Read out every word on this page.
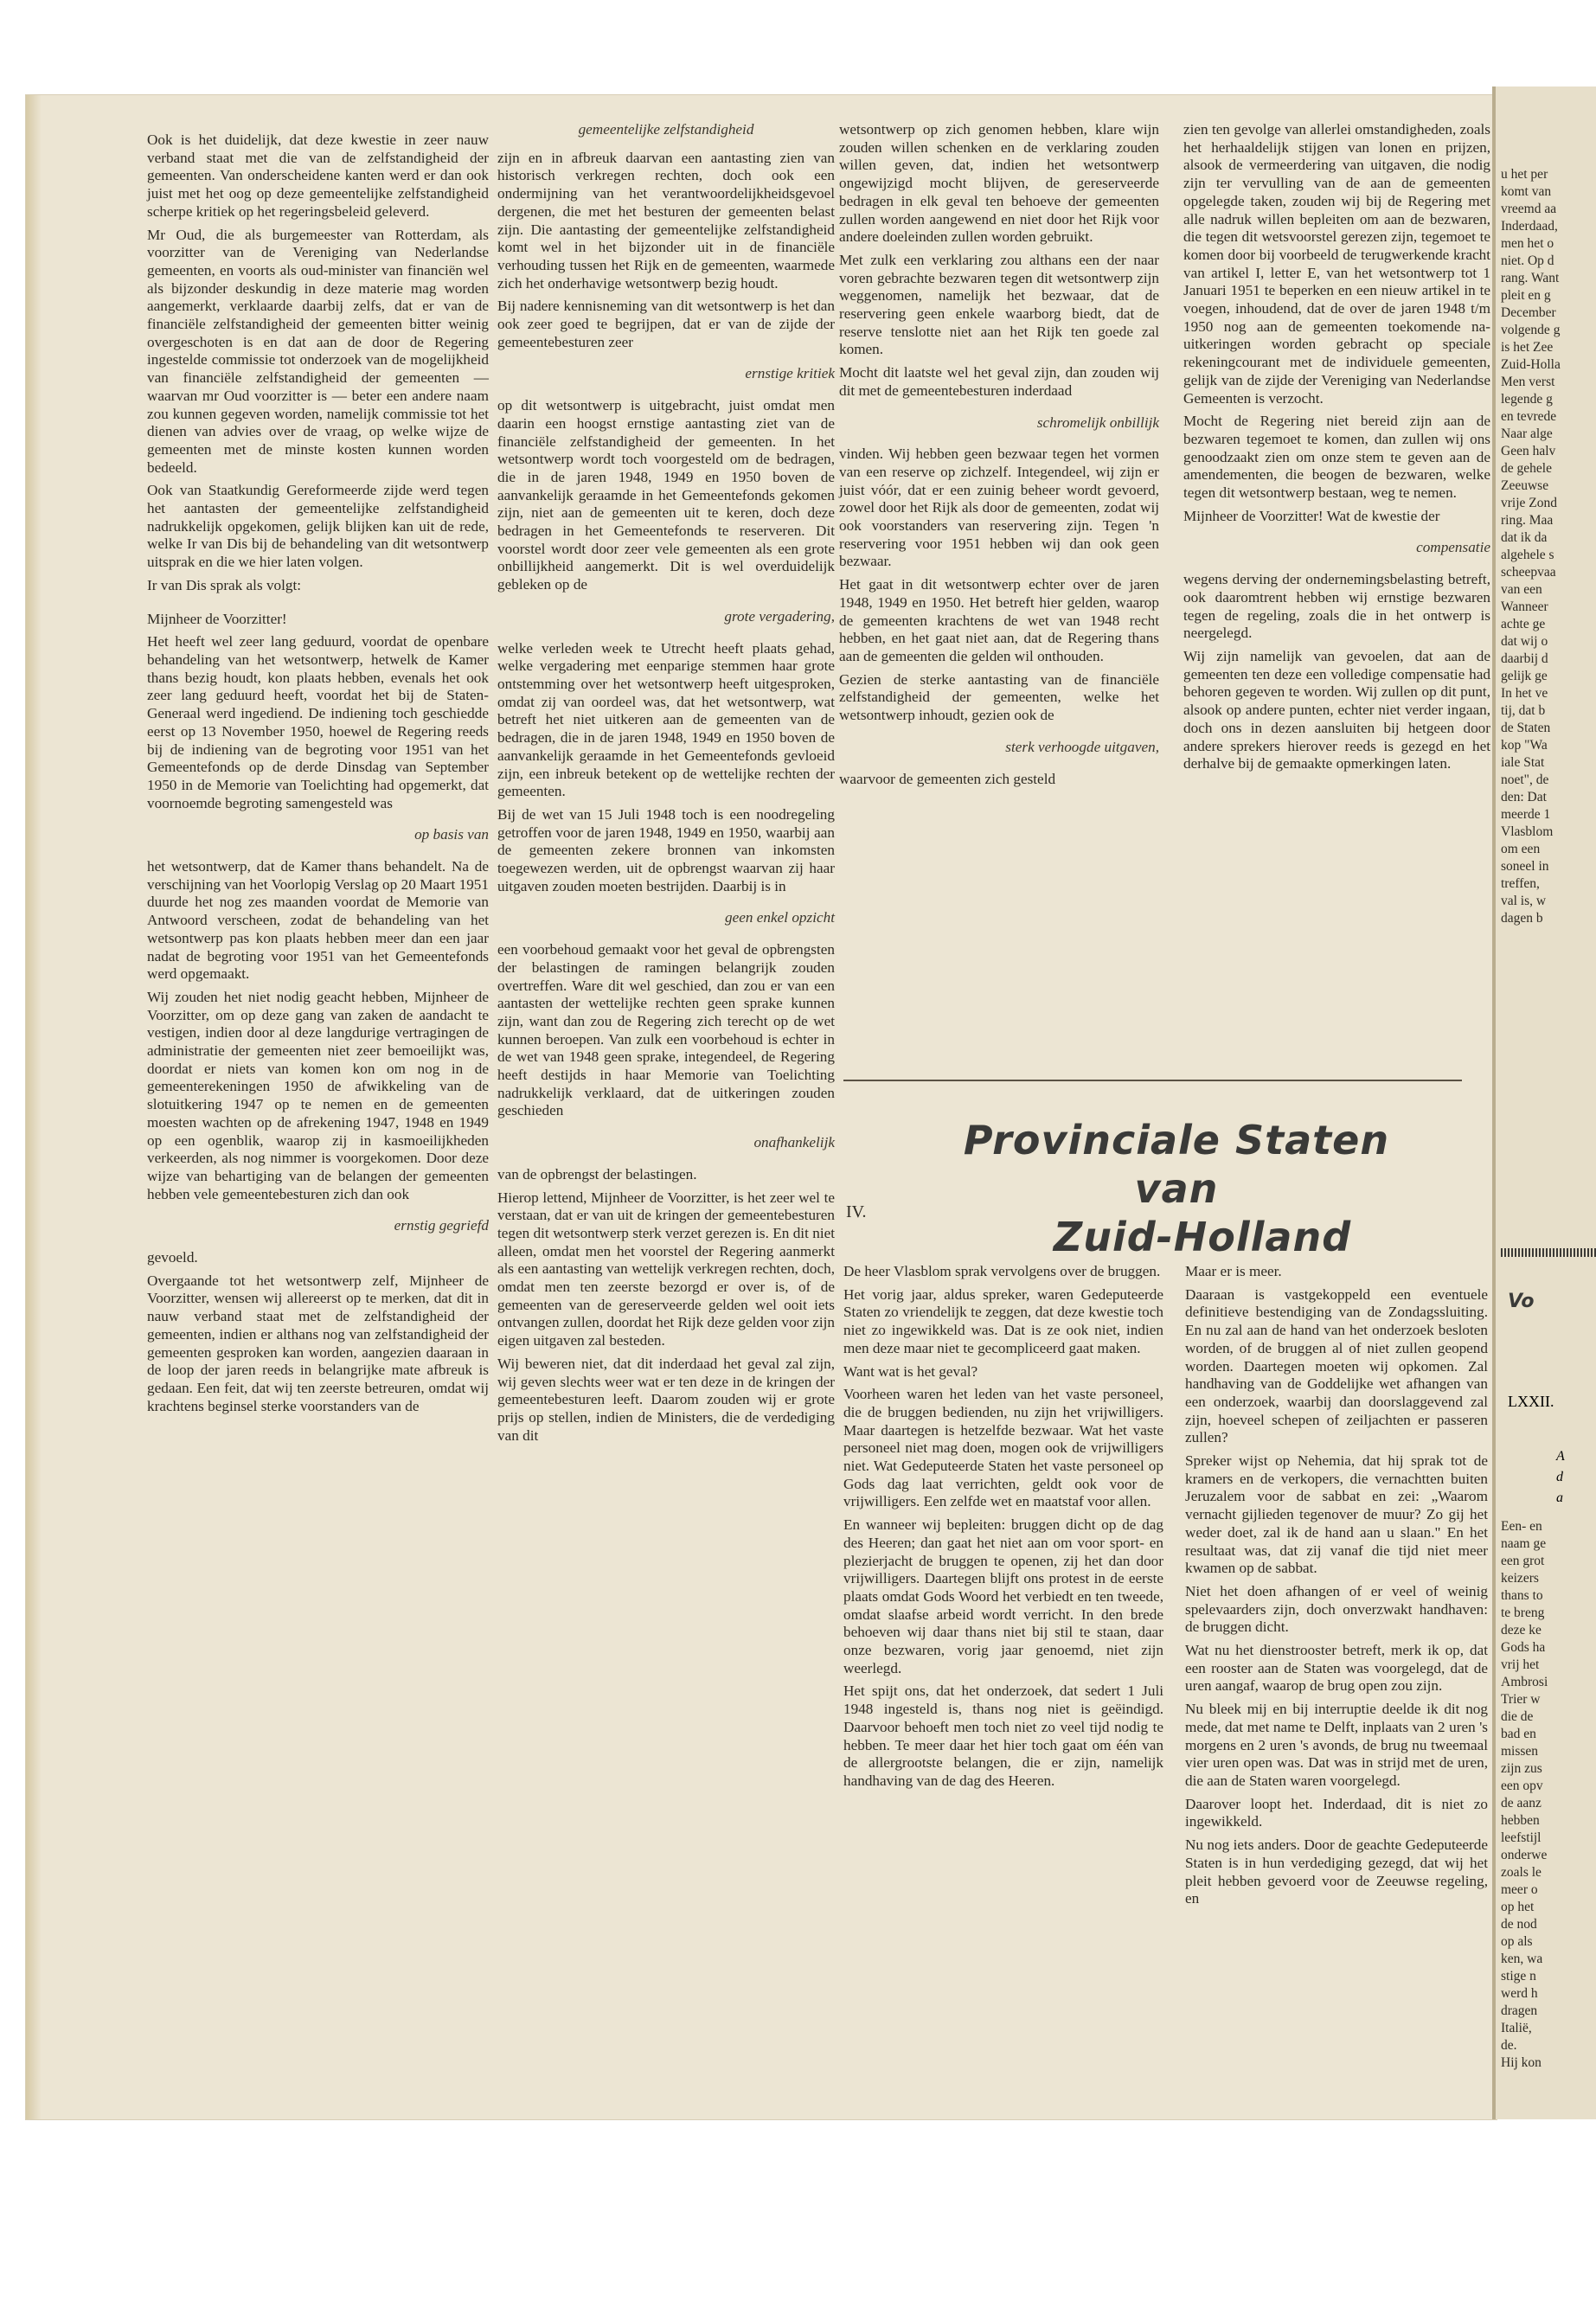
Ook is het duidelijk, dat deze kwestie in zeer nauw verband staat met die van de zelfstandigheid der gemeenten. Van onderscheidene kanten werd er dan ook juist met het oog op deze gemeentelijke zelfstandigheid scherpe kritiek op het regeringsbeleid geleverd.

Mr Oud, die als burgemeester van Rotterdam, als voorzitter van de Vereniging van Nederlandse gemeenten, en voorts als oud-minister van financiën wel als bijzonder deskundig in deze materie mag worden aangemerkt, verklaarde daarbij zelfs, dat er van de financiële zelfstandigheid der gemeenten bitter weinig overgeschoten is en dat aan de door de Regering ingestelde commissie tot onderzoek van de mogelijkheid van financiële zelfstandigheid der gemeenten — waarvan mr Oud voorzitter is — beter een andere naam zou kunnen gegeven worden, namelijk commissie tot het dienen van advies over de vraag, op welke wijze de gemeenten met de minste kosten kunnen worden bedeeld.

Ook van Staatkundig Gereformeerde zijde werd tegen het aantasten der gemeentelijke zelfstandigheid nadrukkelijk opgekomen, gelijk blijken kan uit de rede, welke Ir van Dis bij de behandeling van dit wetsontwerp uitsprak en die we hier laten volgen.

Ir van Dis sprak als volgt:

Mijnheer de Voorzitter!

Het heeft wel zeer lang geduurd, voordat de openbare behandeling van het wetsontwerp, hetwelk de Kamer thans bezig houdt, kon plaats hebben, evenals het ook zeer lang geduurd heeft, voordat het bij de Staten-Generaal werd ingediend. De indiening toch geschiedde eerst op 13 November 1950, hoewel de Regering reeds bij de indiening van de begroting voor 1951 van het Gemeentefonds op de derde Dinsdag van September 1950 in de Memorie van Toelichting had opgemerkt, dat voornoemde begroting samengesteld was

op basis van

het wetsontwerp, dat de Kamer thans behandelt. Na de verschijning van het Voorlopig Verslag op 20 Maart 1951 duurde het nog zes maanden voordat de Memorie van Antwoord verscheen, zodat de behandeling van het wetsontwerp pas kon plaats hebben meer dan een jaar nadat de begroting voor 1951 van het Gemeentefonds werd opgemaakt.

Wij zouden het niet nodig geacht hebben, Mijnheer de Voorzitter, om op deze gang van zaken de aandacht te vestigen, indien door al deze langdurige vertragingen de administratie der gemeenten niet zeer bemoeilijkt was, doordat er niets van komen kon om nog in de gemeenterekeningen 1950 de afwikkeling van de slotuitkering 1947 op te nemen en de gemeenten moesten wachten op de afrekening 1947, 1948 en 1949 op een ogenblik, waarop zij in kasmoeilijkheden verkeerden, als nog nimmer is voorgekomen. Door deze wijze van behartiging van de belangen der gemeenten hebben vele gemeentebesturen zich dan ook

ernstig gegriefd

gevoeld.

Overgaande tot het wetsontwerp zelf, Mijnheer de Voorzitter, wensen wij allereerst op te merken, dat dit in nauw verband staat met de zelfstandigheid der gemeenten, indien er althans nog van zelfstandigheid der gemeenten gesproken kan worden, aangezien daaraan in de loop der jaren reeds in belangrijke mate afbreuk is gedaan. Een feit, dat wij ten zeerste betreuren, omdat wij krachtens beginsel sterke voorstanders van de

gemeentelijke zelfstandigheid

zijn en in afbreuk daarvan een aantasting zien van historisch verkregen rechten, doch ook een ondermijning van het verantwoordelijkheidsgevoel dergenen, die met het besturen der gemeenten belast zijn. Die aantasting der gemeentelijke zelfstandigheid komt wel in het bijzonder uit in de financiële verhouding tussen het Rijk en de gemeenten, waarmede zich het onderhavige wetsontwerp bezig houdt.

Bij nadere kennisneming van dit wetsontwerp is het dan ook zeer goed te begrijpen, dat er van de zijde der gemeentebesturen zeer

ernstige kritiek

op dit wetsontwerp is uitgebracht, juist omdat men daarin een hoogst ernstige aantasting ziet van de financiële zelfstandigheid der gemeenten. In het wetsontwerp wordt toch voorgesteld om de bedragen, die in de jaren 1948, 1949 en 1950 boven de aanvankelijk geraamde in het Gemeentefonds gekomen zijn, niet aan de gemeenten uit te keren, doch deze bedragen in het Gemeentefonds te reserveren. Dit voorstel wordt door zeer vele gemeenten als een grote onbillijkheid aangemerkt. Dit is wel overduidelijk gebleken op de

grote vergadering,

welke verleden week te Utrecht heeft plaats gehad, welke vergadering met eenparige stemmen haar grote ontstemming over het wetsontwerp heeft uitgesproken, omdat zij van oordeel was, dat het wetsontwerp, wat betreft het niet uitkeren aan de gemeenten van de bedragen, die in de jaren 1948, 1949 en 1950 boven de aanvankelijk geraamde in het Gemeentefonds gevloeid zijn, een inbreuk betekent op de wettelijke rechten der gemeenten.

Bij de wet van 15 Juli 1948 toch is een noodregeling getroffen voor de jaren 1948, 1949 en 1950, waarbij aan de gemeenten zekere bronnen van inkomsten toegewezen werden, uit de opbrengst waarvan zij haar uitgaven zouden moeten bestrijden. Daarbij is in

geen enkel opzicht

een voorbehoud gemaakt voor het geval de opbrengsten der belastingen de ramingen belangrijk zouden overtreffen. Ware dit wel geschied, dan zou er van een aantasten der wettelijke rechten geen sprake kunnen zijn, want dan zou de Regering zich terecht op de wet kunnen beroepen. Van zulk een voorbehoud is echter in de wet van 1948 geen sprake, integendeel, de Regering heeft destijds in haar Memorie van Toelichting nadrukkelijk verklaard, dat de uitkeringen zouden geschieden

onafhankelijk

van de opbrengst der belastingen.

Hierop lettend, Mijnheer de Voorzitter, is het zeer wel te verstaan, dat er van uit de kringen der gemeentebesturen tegen dit wetsontwerp sterk verzet gerezen is. En dit niet alleen, omdat men het voorstel der Regering aanmerkt als een aantasting van wettelijk verkregen rechten, doch, omdat men ten zeerste bezorgd er over is, of de gemeenten van de gereserveerde gelden wel ooit iets ontvangen zullen, doordat het Rijk deze gelden voor zijn eigen uitgaven zal besteden.

Wij beweren niet, dat dit inderdaad het geval zal zijn, wij geven slechts weer wat er ten deze in de kringen der gemeentebesturen leeft. Daarom zouden wij er grote prijs op stellen, indien de Ministers, die de verdediging van dit

wetsontwerp op zich genomen hebben, klare wijn zouden willen schenken en de verklaring zouden willen geven, dat, indien het wetsontwerp ongewijzigd mocht blijven, de gereserveerde bedragen in elk geval ten behoeve der gemeenten zullen worden aangewend en niet door het Rijk voor andere doeleinden zullen worden gebruikt.

Met zulk een verklaring zou althans een der naar voren gebrachte bezwaren tegen dit wetsontwerp zijn weggenomen, namelijk het bezwaar, dat de reservering geen enkele waarborg biedt, dat de reserve tenslotte niet aan het Rijk ten goede zal komen.

Mocht dit laatste wel het geval zijn, dan zouden wij dit met de gemeentebesturen inderdaad

schromelijk onbillijk

vinden. Wij hebben geen bezwaar tegen het vormen van een reserve op zichzelf. Integendeel, wij zijn er juist vóór, dat er een zuinig beheer wordt gevoerd, zowel door het Rijk als door de gemeenten, zodat wij ook voorstanders van reservering zijn. Tegen 'n reservering voor 1951 hebben wij dan ook geen bezwaar.

Het gaat in dit wetsontwerp echter over de jaren 1948, 1949 en 1950. Het betreft hier gelden, waarop de gemeenten krachtens de wet van 1948 recht hebben, en het gaat niet aan, dat de Regering thans aan de gemeenten die gelden wil onthouden.

Gezien de sterke aantasting van de financiële zelfstandigheid der gemeenten, welke het wetsontwerp inhoudt, gezien ook de

sterk verhoogde uitgaven,

waarvoor de gemeenten zich gesteld

zien ten gevolge van allerlei omstandigheden, zoals het herhaaldelijk stijgen van lonen en prijzen, alsook de vermeerdering van uitgaven, die nodig zijn ter vervulling van de aan de gemeenten opgelegde taken, zouden wij bij de Regering met alle nadruk willen bepleiten om aan de bezwaren, die tegen dit wetsvoorstel gerezen zijn, tegemoet te komen door bij voorbeeld de terugwerkende kracht van artikel I, letter E, van het wetsontwerp tot 1 Januari 1951 te beperken en een nieuw artikel in te voegen, inhoudend, dat de over de jaren 1948 t/m 1950 nog aan de gemeenten toekomende na-uitkeringen worden gebracht op speciale rekeningcourant met de individuele gemeenten, gelijk van de zijde der Vereniging van Nederlandse Gemeenten is verzocht.

Mocht de Regering niet bereid zijn aan de bezwaren tegemoet te komen, dan zullen wij ons genoodzaakt zien om onze stem te geven aan de amendementen, die beogen de bezwaren, welke tegen dit wetsontwerp bestaan, weg te nemen.

Mijnheer de Voorzitter! Wat de kwestie der

compensatie

wegens derving der ondernemingsbelasting betreft, ook daaromtrent hebben wij ernstige bezwaren tegen de regeling, zoals die in het ontwerp is neergelegd.

Wij zijn namelijk van gevoelen, dat aan de gemeenten ten deze een volledige compensatie had behoren gegeven te worden. Wij zullen op dit punt, alsook op andere punten, echter niet verder ingaan, doch ons in dezen aansluiten bij hetgeen door andere sprekers hierover reeds is gezegd en het derhalve bij de gemaakte opmerkingen laten.

IV.
Provinciale Staten van
Zuid-Holland

De heer Vlasblom sprak vervolgens over de bruggen.

Het vorig jaar, aldus spreker, waren Gedeputeerde Staten zo vriendelijk te zeggen, dat deze kwestie toch niet zo ingewikkeld was. Dat is ze ook niet, indien men deze maar niet te gecompliceerd gaat maken.

Want wat is het geval?

Voorheen waren het leden van het vaste personeel, die de bruggen bedienden, nu zijn het vrijwilligers. Maar daartegen is hetzelfde bezwaar. Wat het vaste personeel niet mag doen, mogen ook de vrijwilligers niet. Wat Gedeputeerde Staten het vaste personeel op Gods dag laat verrichten, geldt ook voor de vrijwilligers. Een zelfde wet en maatstaf voor allen.

En wanneer wij bepleiten: bruggen dicht op de dag des Heeren; dan gaat het niet aan om voor sport- en plezierjacht de bruggen te openen, zij het dan door vrijwilligers. Daartegen blijft ons protest in de eerste plaats omdat Gods Woord het verbiedt en ten tweede, omdat slaafse arbeid wordt verricht. In den brede behoeven wij daar thans niet bij stil te staan, daar onze bezwaren, vorig jaar genoemd, niet zijn weerlegd.

Het spijt ons, dat het onderzoek, dat sedert 1 Juli 1948 ingesteld is, thans nog niet is geëindigd. Daarvoor behoeft men toch niet zo veel tijd nodig te hebben. Te meer daar het hier toch gaat om één van de allergrootste belangen, die er zijn, namelijk handhaving van de dag des Heeren.

Maar er is meer.

Daaraan is vastgekoppeld een eventuele definitieve bestendiging van de Zondagssluiting. En nu zal aan de hand van het onderzoek besloten worden, of de bruggen al of niet zullen geopend worden. Daartegen moeten wij opkomen. Zal handhaving van de Goddelijke wet afhangen van een onderzoek, waarbij dan doorslaggevend zal zijn, hoeveel schepen of zeiljachten er passeren zullen?

Spreker wijst op Nehemia, dat hij sprak tot de kramers en de verkopers, die vernachtten buiten Jeruzalem voor de sabbat en zei: „Waarom vernacht gijlieden tegenover de muur? Zo gij het weder doet, zal ik de hand aan u slaan." En het resultaat was, dat zij vanaf die tijd niet meer kwamen op de sabbat.

Niet het doen afhangen of er veel of weinig spelevaarders zijn, doch onverzwakt handhaven: de bruggen dicht.

Wat nu het dienstrooster betreft, merk ik op, dat een rooster aan de Staten was voorgelegd, dat de uren aangaf, waarop de brug open zou zijn.

Nu bleek mij en bij interruptie deelde ik dit nog mede, dat met name te Delft, inplaats van 2 uren 's morgens en 2 uren 's avonds, de brug nu tweemaal vier uren open was. Dat was in strijd met de uren, die aan de Staten waren voorgelegd.

Daarover loopt het. Inderdaad, dit is niet zo ingewikkeld.

Nu nog iets anders. Door de geachte Gedeputeerde Staten is in hun verdediging gezegd, dat wij het pleit hebben gevoerd voor de Zeeuwse regeling, en

u het per
komt van
vreemd aa
Inderdaad,
men het o
niet. Op d
rang. Want
pleit en g
December
volgende g
is het Zee
Zuid-Holla
Men verst
legende g
en tevrede
Naar alge
Geen halv
de gehele
Zeeuwse
vrije Zond
ring. Maa
dat ik da
algehele s
scheepvaa
van een
Wanneer
achte ge
dat wij o
daarbij d
gelijk ge
In het ve
tij, dat b
de Staten
kop "Wa
iale Stat
noet", de
den: Dat
meerde 1
Vlasblom
om een
soneel in
treffen,
val is, w
dagen b
Vo
LXXII.
A
d
a
Een- en
naam ge
een grot
keizers
thans to
te breng
deze ke
Gods ha
vrij het
Ambrosi
Trier w
die de
bad en
missen
zijn zus
een opv
de aanz
hebben
leefstijl
onderwe
zoals le
meer o
op het
de nod
op als
ken, wa
stige n
werd h
dragen
Italië,
de.
Hij kon
